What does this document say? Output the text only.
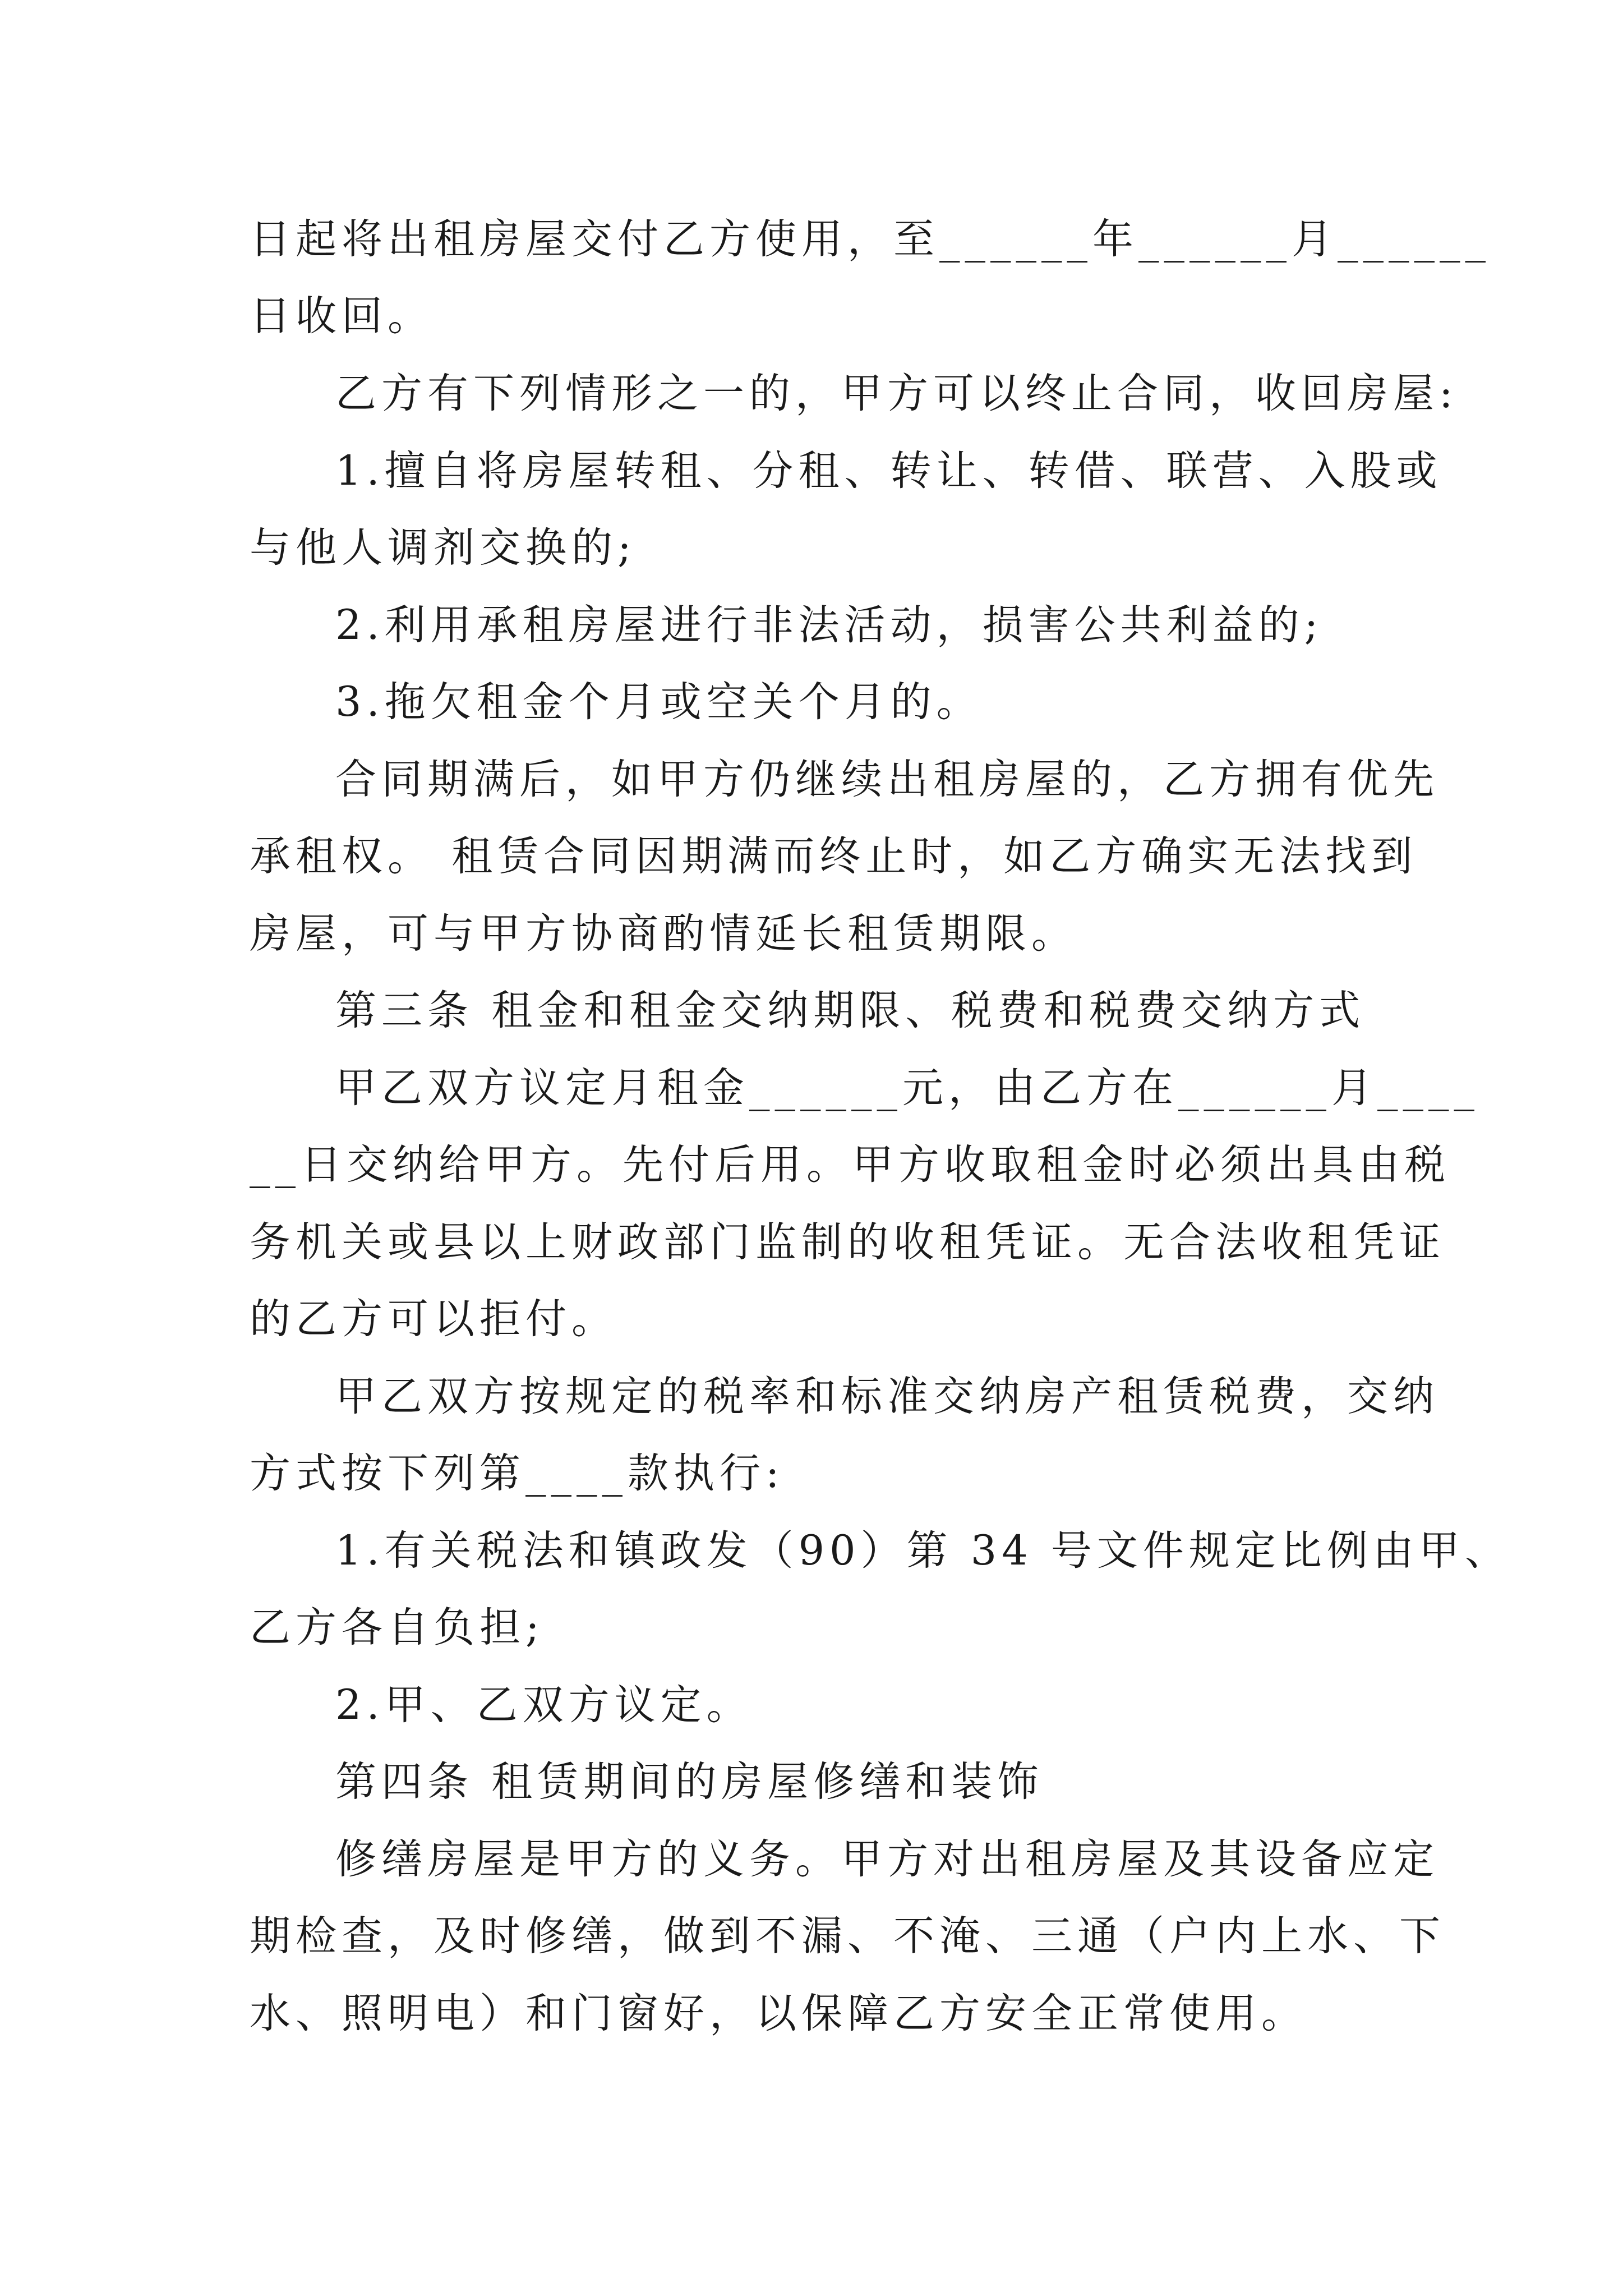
日起将出租房屋交付乙方使用，至______年______月______

日收回。

乙方有下列情形之一的，甲方可以终止合同，收回房屋:

1.擅自将房屋转租、分租、转让、转借、联营、入股或

与他人调剂交换的;

2.利用承租房屋进行非法活动，损害公共利益的;

3.拖欠租金个月或空关个月的。

合同期满后，如甲方仍继续出租房屋的，乙方拥有优先

承租权。 租赁合同因期满而终止时，如乙方确实无法找到

房屋，可与甲方协商酌情延长租赁期限。

第三条 租金和租金交纳期限、税费和税费交纳方式

甲乙双方议定月租金______元，由乙方在______月____

__日交纳给甲方。先付后用。甲方收取租金时必须出具由税

务机关或县以上财政部门监制的收租凭证。无合法收租凭证

的乙方可以拒付。

甲乙双方按规定的税率和标准交纳房产租赁税费，交纳

方式按下列第____款执行:

1.有关税法和镇政发（90）第 34 号文件规定比例由甲、

乙方各自负担;

2.甲、乙双方议定。

第四条 租赁期间的房屋修缮和装饰

修缮房屋是甲方的义务。甲方对出租房屋及其设备应定

期检查，及时修缮，做到不漏、不淹、三通（户内上水、下

水、照明电）和门窗好，以保障乙方安全正常使用。
